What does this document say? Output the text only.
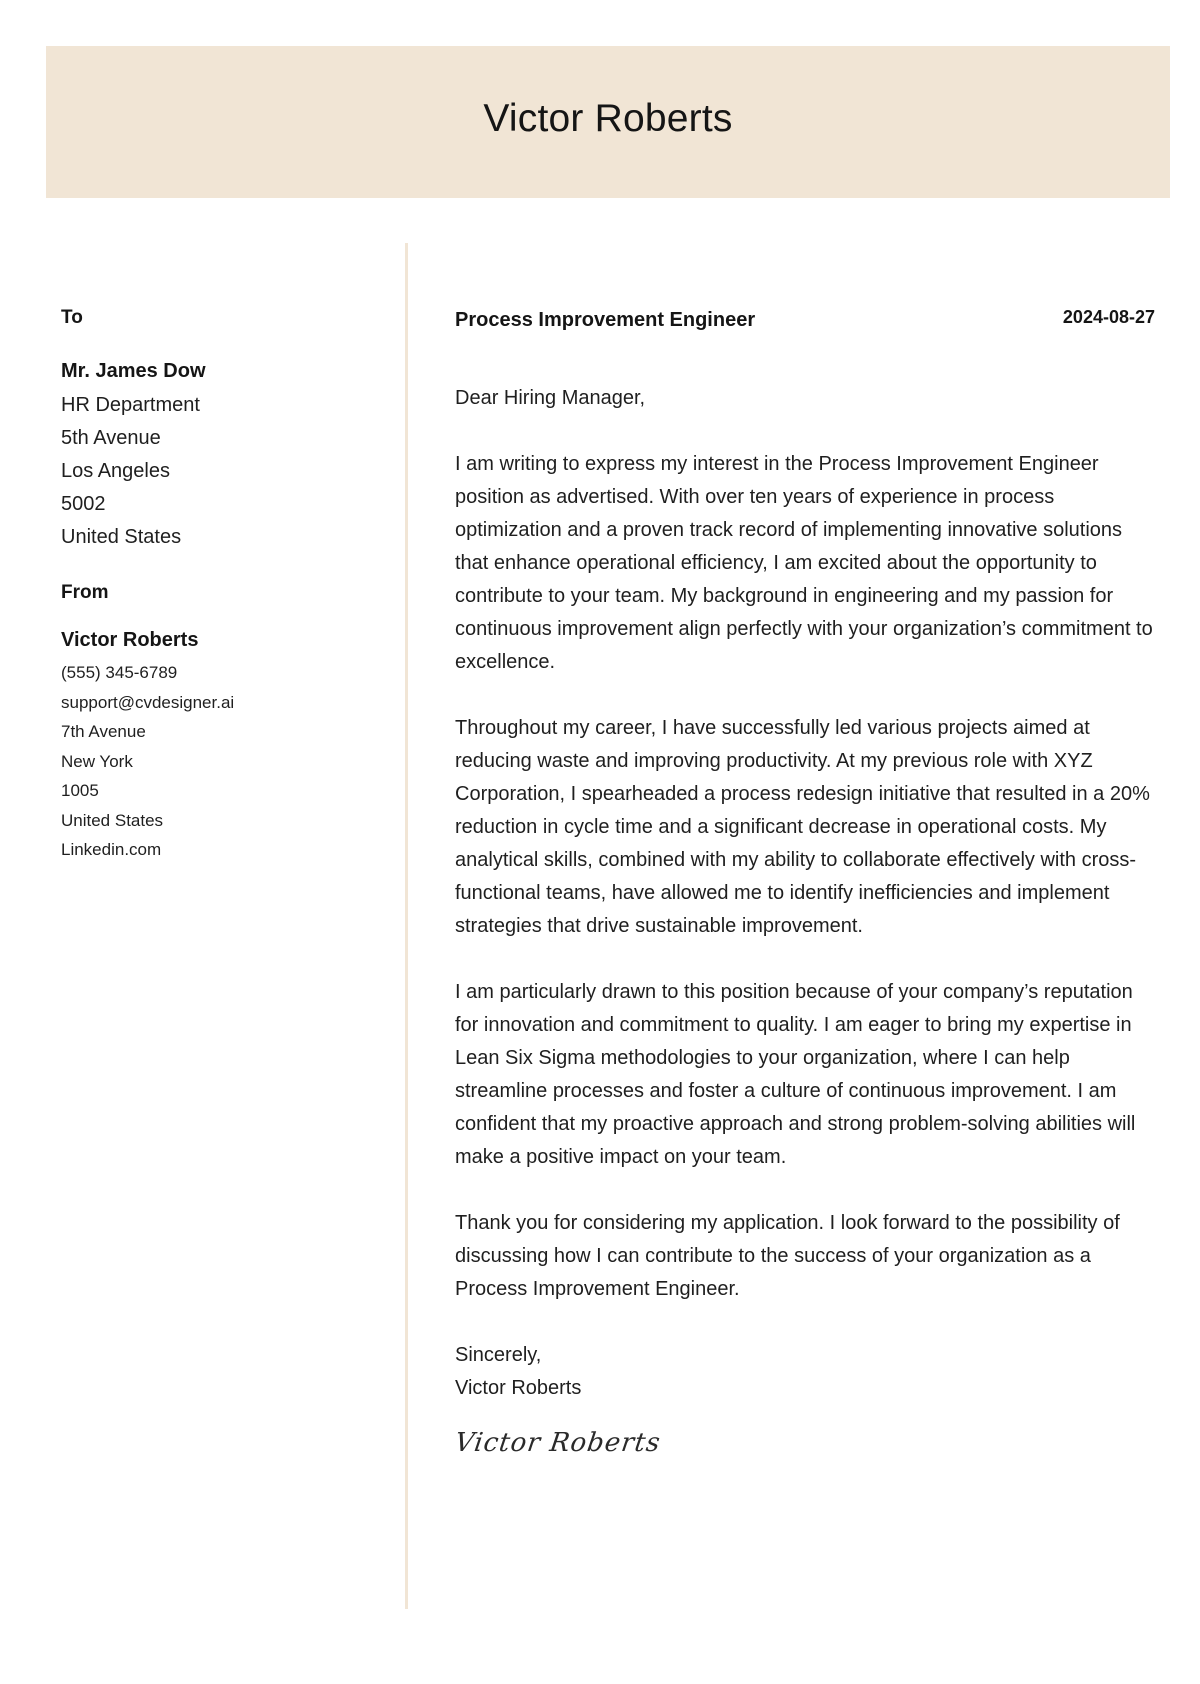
Victor Roberts
To
Mr. James Dow
HR Department
5th Avenue
Los Angeles
5002
United States
From
Victor Roberts
(555) 345-6789
support@cvdesigner.ai
7th Avenue
New York
1005
United States
Linkedin.com
Process Improvement Engineer	2024-08-27

Dear Hiring Manager,

I am writing to express my interest in the Process Improvement Engineer position as advertised. With over ten years of experience in process optimization and a proven track record of implementing innovative solutions that enhance operational efficiency, I am excited about the opportunity to contribute to your team. My background in engineering and my passion for continuous improvement align perfectly with your organization’s commitment to excellence.

Throughout my career, I have successfully led various projects aimed at reducing waste and improving productivity. At my previous role with XYZ Corporation, I spearheaded a process redesign initiative that resulted in a 20% reduction in cycle time and a significant decrease in operational costs. My analytical skills, combined with my ability to collaborate effectively with cross-functional teams, have allowed me to identify inefficiencies and implement strategies that drive sustainable improvement.

I am particularly drawn to this position because of your company’s reputation for innovation and commitment to quality. I am eager to bring my expertise in Lean Six Sigma methodologies to your organization, where I can help streamline processes and foster a culture of continuous improvement. I am confident that my proactive approach and strong problem-solving abilities will make a positive impact on your team.

Thank you for considering my application. I look forward to the possibility of discussing how I can contribute to the success of your organization as a Process Improvement Engineer.

Sincerely,

Victor Roberts

Victor Roberts
